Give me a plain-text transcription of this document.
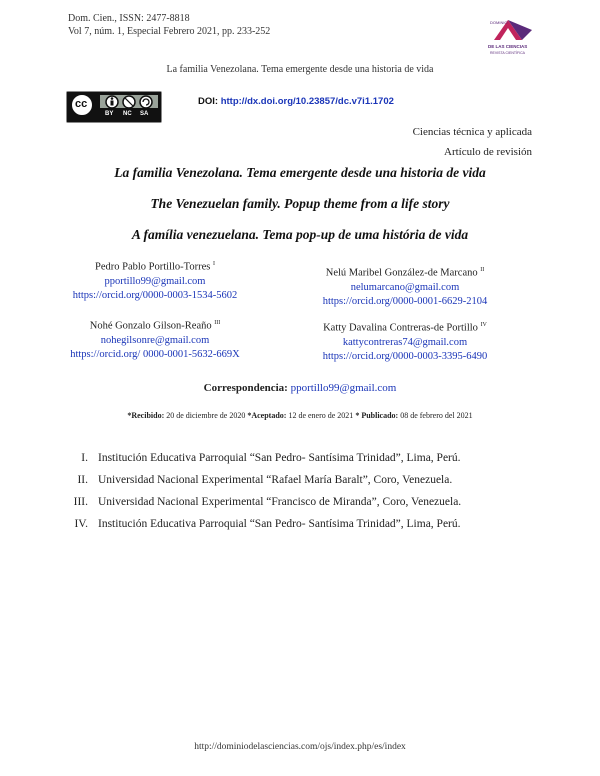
Dom. Cien., ISSN: 2477-8818
Vol 7, núm. 1, Especial Febrero 2021, pp. 233-252
DOMINIO
DE LAS CIENCIAS
REVISTA CIENTÍFICA
La familia Venezolana. Tema emergente desde una historia de vida
cc
BY NC SA
DOI: http://dx.doi.org/10.23857/dc.v7i1.1702
Ciencias técnica y aplicada
Artículo de revisión
La familia Venezolana. Tema emergente desde una historia de vida
The Venezuelan family. Popup theme from a life story
A família venezuelana. Tema pop-up de uma história de vida
Pedro Pablo Portillo-Torres $^I$
pportillo99@gmail.com
https://orcid.org/0000-0003-1534-5602
Nelú Maribel González-de Marcano $^{II}$
nelumarcano@gmail.com
https://orcid.org/0000-0001-6629-2104
Nohé Gonzalo Gilson-Reaño $^{III}$
nohegilsonre@gmail.com
https://orcid.org/ 0000-0001-5632-669X
Katty Davalina Contreras-de Portillo $^{IV}$
kattycontreras74@gmail.com
https://orcid.org/0000-0003-3395-6490
Correspondencia: pportillo99@gmail.com
*Recibido: 20 de diciembre de 2020 *Aceptado: 12 de enero de 2021 * Publicado: 08 de febrero del 2021
I. Institución Educativa Parroquial “San Pedro- Santísima Trinidad”, Lima, Perú.
II. Universidad Nacional Experimental “Rafael María Baralt”, Coro, Venezuela.
III. Universidad Nacional Experimental “Francisco de Miranda”, Coro, Venezuela.
IV. Institución Educativa Parroquial “San Pedro- Santísima Trinidad”, Lima, Perú.
http://dominiodelasciencias.com/ojs/index.php/es/index
